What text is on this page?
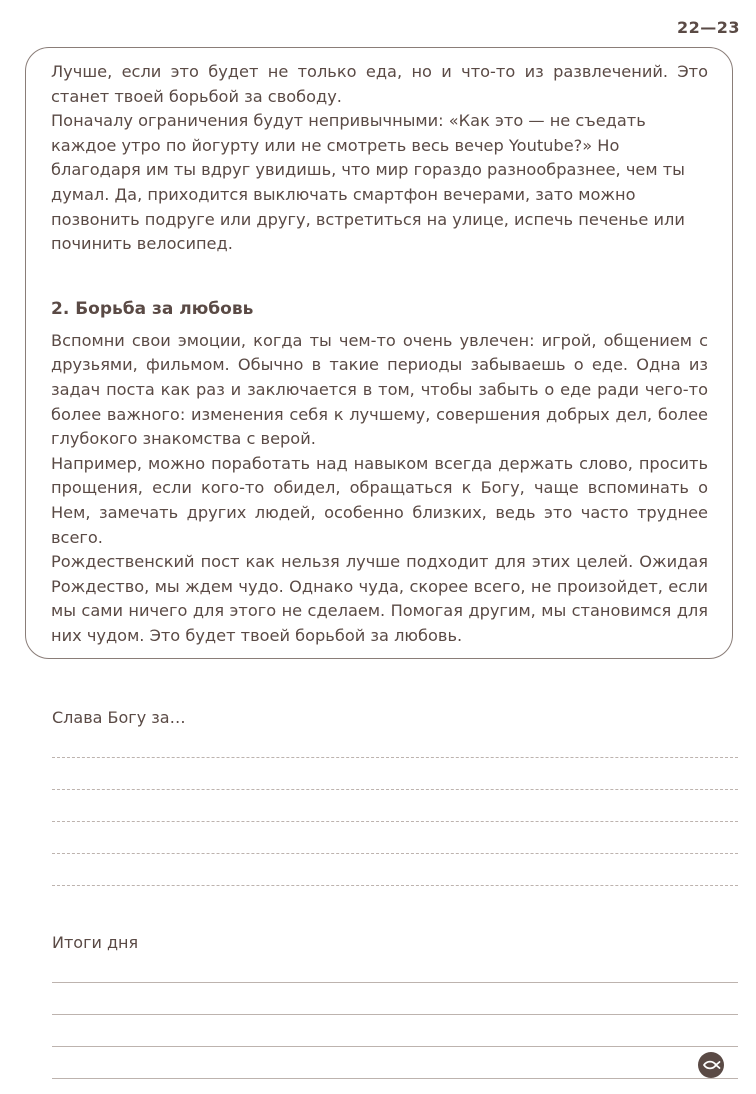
22—23

Лучше, если это будет не только еда, но и что-то из развлечений. Это станет твоей борьбой за свободу.

Поначалу ограничения будут непривычными: «Как это — не съедать каждое утро по йогурту или не смотреть весь вечер Youtube?» Но благодаря им ты вдруг увидишь, что мир гораздо разнообразнее, чем ты думал. Да, приходится выключать смартфон вечерами, зато можно позвонить подруге или другу, встретиться на улице, испечь печенье или починить велосипед.

2. Борьба за любовь

Вспомни свои эмоции, когда ты чем-то очень увлечен: игрой, общением с друзьями, фильмом. Обычно в такие периоды забываешь о еде. Одна из задач поста как раз и заключается в том, чтобы забыть о еде ради чего-то более важного: изменения себя к лучшему, совершения добрых дел, более глубокого знакомства с верой.

Например, можно поработать над навыком всегда держать слово, просить прощения, если кого-то обидел, обращаться к Богу, чаще вспоминать о Нем, замечать других людей, особенно близких, ведь это часто труднее всего.

Рождественский пост как нельзя лучше подходит для этих целей. Ожидая Рождество, мы ждем чудо. Однако чуда, скорее всего, не произойдет, если мы сами ничего для этого не сделаем. Помогая другим, мы становимся для них чудом. Это будет твоей борьбой за любовь.

Слава Богу за…
Итоги дня
